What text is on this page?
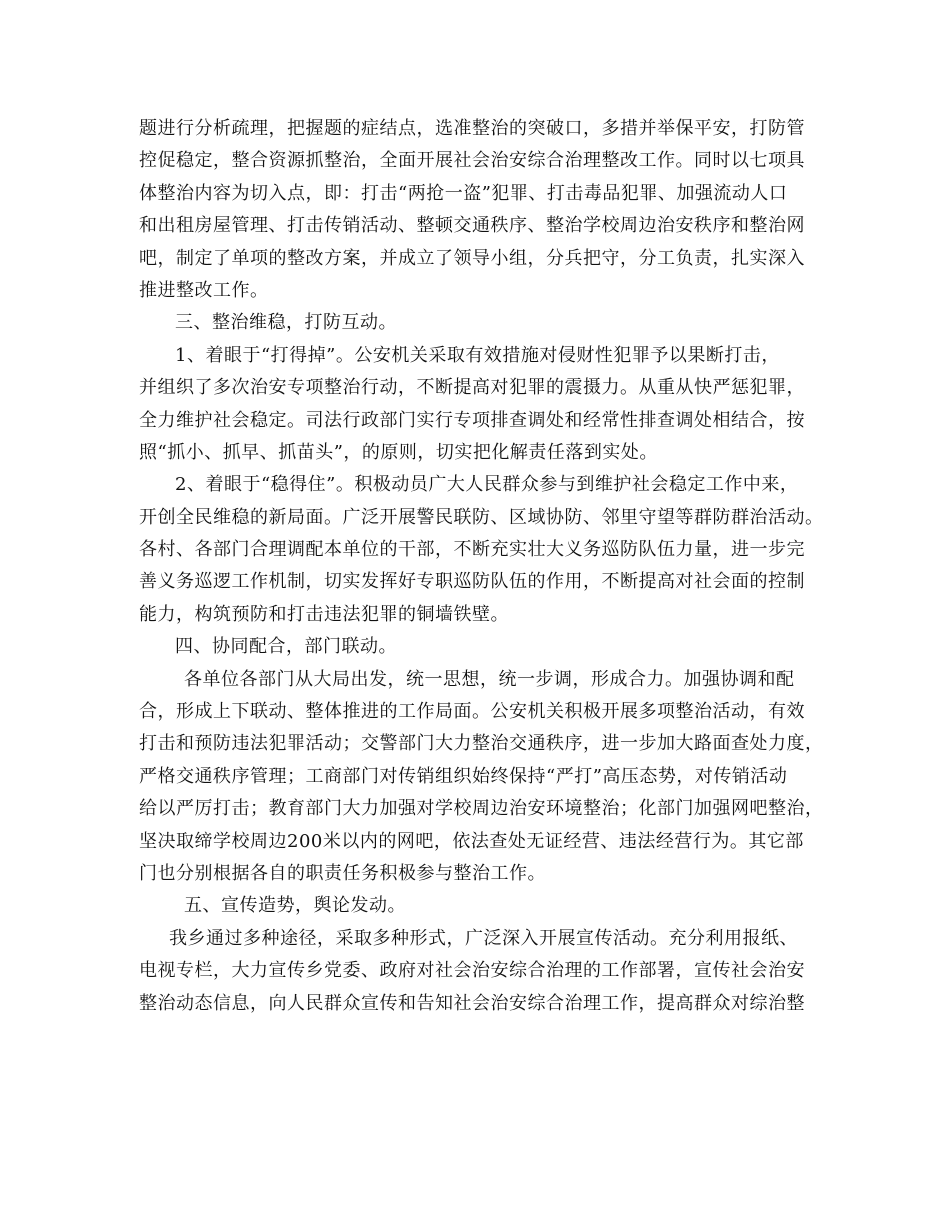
题进行分析疏理，把握题的症结点，选准整治的突破口，多措并举保平安，打防管
控促稳定，整合资源抓整治，全面开展社会治安综合治理整改工作。同时以七项具
体整治内容为切入点，即：打击“两抢一盗”犯罪、打击毒品犯罪、加强流动人口
和出租房屋管理、打击传销活动、整顿交通秩序、整治学校周边治安秩序和整治网
吧，制定了单项的整改方案，并成立了领导小组，分兵把守，分工负责，扎实深入
推进整改工作。
三、整治维稳，打防互动。
1、着眼于“打得掉”。公安机关采取有效措施对侵财性犯罪予以果断打击，
并组织了多次治安专项整治行动，不断提高对犯罪的震摄力。从重从快严惩犯罪，
全力维护社会稳定。司法行政部门实行专项排查调处和经常性排查调处相结合，按
照“抓小、抓早、抓苗头”，的原则，切实把化解责任落到实处。
2、着眼于“稳得住”。积极动员广大人民群众参与到维护社会稳定工作中来，
开创全民维稳的新局面。广泛开展警民联防、区域协防、邻里守望等群防群治活动。
各村、各部门合理调配本单位的干部，不断充实壮大义务巡防队伍力量，进一步完
善义务巡逻工作机制，切实发挥好专职巡防队伍的作用，不断提高对社会面的控制
能力，构筑预防和打击违法犯罪的铜墙铁壁。
四、协同配合，部门联动。
各单位各部门从大局出发，统一思想，统一步调，形成合力。加强协调和配
合，形成上下联动、整体推进的工作局面。公安机关积极开展多项整治活动，有效
打击和预防违法犯罪活动；交警部门大力整治交通秩序，进一步加大路面查处力度，
严格交通秩序管理；工商部门对传销组织始终保持“严打”高压态势，对传销活动
给以严厉打击；教育部门大力加强对学校周边治安环境整治；化部门加强网吧整治，
坚决取缔学校周边200米以内的网吧，依法查处无证经营、违法经营行为。其它部
门也分别根据各自的职责任务积极参与整治工作。
五、宣传造势，舆论发动。
我乡通过多种途径，采取多种形式，广泛深入开展宣传活动。充分利用报纸、
电视专栏，大力宣传乡党委、政府对社会治安综合治理的工作部署，宣传社会治安
整治动态信息，向人民群众宣传和告知社会治安综合治理工作，提高群众对综治整
